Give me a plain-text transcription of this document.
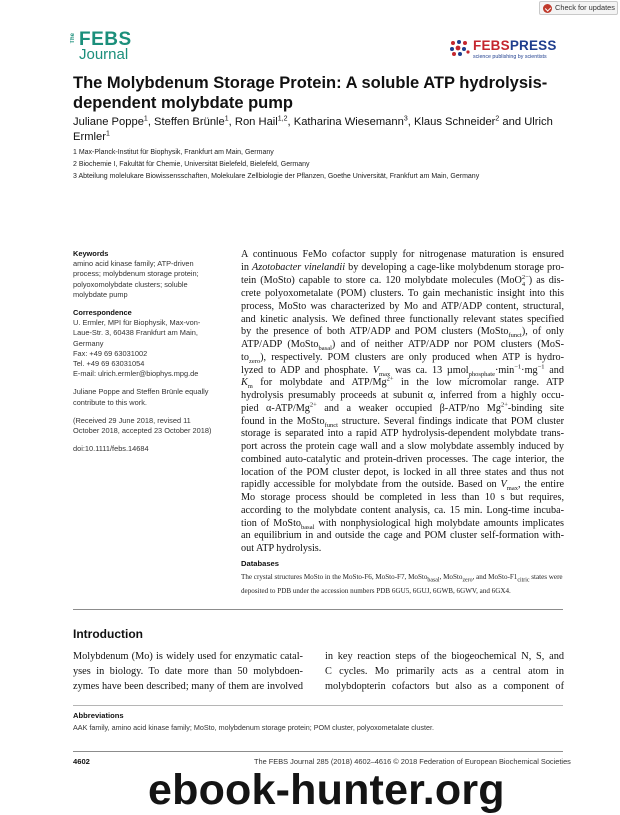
Check for updates
The FEBS
Journal
FEBSPRESS
science publishing by scientists
The Molybdenum Storage Protein: A soluble ATP hydrolysis-dependent molybdate pump
Juliane Poppe$^1$, Steffen Brünle$^1$, Ron Hail$^{1,2}$, Katharina Wiesemann$^3$, Klaus Schneider$^2$ and Ulrich Ermler$^1$
1 Max-Planck-Institut für Biophysik, Frankfurt am Main, Germany
2 Biochemie I, Fakultät für Chemie, Universität Bielefeld, Bielefeld, Germany
3 Abteilung molelukare Biowissensschaften, Molekulare Zellbiologie der Pflanzen, Goethe Universität, Frankfurt am Main, Germany
Keywords
amino acid kinase family; ATP-driven
process; molybdenum storage protein;
polyoxomolybdate clusters; soluble
molybdate pump
Correspondence
U. Ermler, MPI für Biophysik, Max-von-
Laue-Str. 3, 60438 Frankfurt am Main,
Germany
Fax: +49 69 63031002
Tel. +49 69 63031054
E-mail: ulrich.ermler@biophys.mpg.de
Juliane Poppe and Steffen Brünle equally
contribute to this work.
(Received 29 June 2018, revised 11
October 2018, accepted 23 October 2018)
doi:10.1111/febs.14684
A continuous FeMo cofactor supply for nitrogenase maturation is ensured
in Azotobacter vinelandii by developing a cage-like molybdenum storage pro-
tein (MoSto) capable to store ca. 120 molybdate molecules (MoO 2−
4 ) as dis-
crete polyoxometalate (POM) clusters. To gain mechanistic insight into this
process, MoSto was characterized by Mo and ATP/ADP content, structural,
and kinetic analysis. We defined three functionally relevant states specified
by the presence of both ATP/ADP and POM clusters (MoSto$_{funct}$), of only
ATP/ADP (MoSto$_{basal}$) and of neither ATP/ADP nor POM clusters (MoS-
$to_{zero}$), respectively. POM clusters are only produced when ATP is hydro-
lyzed to ADP and phosphate. $V_{max}$ was ca. 13 $\mu mol_{phosphate}\cdot\min^{-1}\cdot mg^{-1}$ and
$K_m$ for molybdate and ATP/$Mg^{2+}$ in the low micromolar range. ATP
hydrolysis presumably proceeds at subunit α, inferred from a highly occu-
pied $\alpha-ATP/Mg^{2+}$ and a weaker occupied β-ATP/no $Mg^{2+}$-binding site
found in the MoSto$_{funct}$ structure. Several findings indicate that POM cluster
storage is separated into a rapid ATP hydrolysis-dependent molybdate trans-
port across the protein cage wall and a slow molybdate assembly induced by
combined auto-catalytic and protein-driven processes. The cage interior, the
location of the POM cluster depot, is locked in all three states and thus not
rapidly accessible for molybdate from the outside. Based on $V_{max}$, the entire
Mo storage process should be completed in less than 10 s but requires,
according to the molybdate content analysis, ca. 15 min. Long-time incuba-
tion of MoSto$_{basal}$ with nonphysiological high molybdate amounts implicates
an equilibrium in and outside the cage and POM cluster self-formation with-
out ATP hydrolysis.
Databases
The crystal structures MoSto in the MoSto-F6, MoSto-F7, MoSto$_{basal}$, MoSto$_{zero}$, and MoSto-$F1_{citric}$ states were deposited to PDB under the accession numbers PDB 6GU5, 6GUJ, 6GWB, 6GWV, and 6GX4.
Introduction
Molybdenum (Mo) is widely used for enzymatic catal-
yses in biology. To date more than 50 molybdoen-
zymes have been described; many of them are involved
in key reaction steps of the biogeochemical N, S, and
C cycles. Mo primarily acts as a central atom in
molybdopterin cofactors but also as a component of
Abbreviations
AAK family, amino acid kinase family; MoSto, molybdenum storage protein; POM cluster, polyoxometalate cluster.
4602	The FEBS Journal 285 (2018) 4602–4616 © 2018 Federation of European Biochemical Societies
ebook-hunter.org
